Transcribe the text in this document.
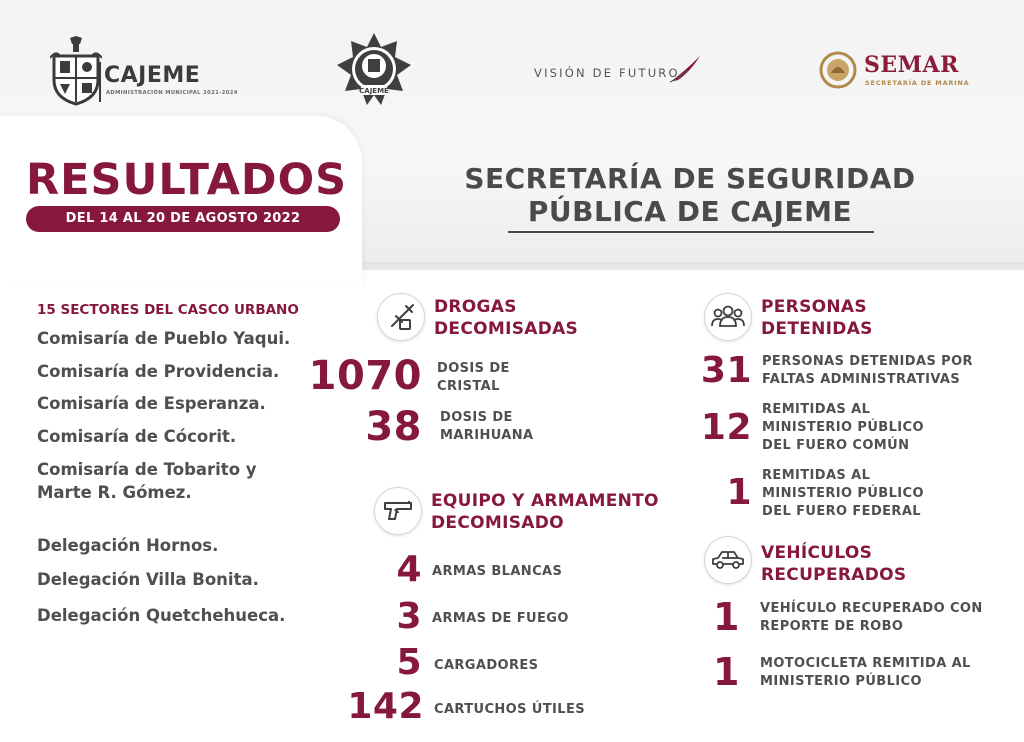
CAJEME
ADMINISTRACIÓN MUNICIPAL 2021-2024	CAJEME
VISIÓN DE FUTURO	SEMAR
SECRETARÍA DE MARINA
RESULTADOS
DEL 14 AL 20 DE AGOSTO 2022
SECRETARÍA DE SEGURIDAD
PÚBLICA DE CAJEME
15 SECTORES DEL CASCO URBANO
Comisaría de Pueblo Yaqui.
Comisaría de Providencia.
Comisaría de Esperanza.
Comisaría de Cócorit.
Comisaría de Tobarito y
Marte R. Gómez.
Delegación Hornos.
Delegación Villa Bonita.
Delegación Quetchehueca.
DROGAS
DECOMISADAS
1070 DOSIS DE
CRISTAL
38 DOSIS DE
MARIHUANA
EQUIPO Y ARMAMENTO
DECOMISADO
4 ARMAS BLANCAS
3 ARMAS DE FUEGO
5 CARGADORES
142 CARTUCHOS ÚTILES
PERSONAS
DETENIDAS
31 PERSONAS DETENIDAS POR
FALTAS ADMINISTRATIVAS
12 REMITIDAS AL
MINISTERIO PÚBLICO
DEL FUERO COMÚN
1 REMITIDAS AL
MINISTERIO PÚBLICO
DEL FUERO FEDERAL
VEHÍCULOS
RECUPERADOS
1 VEHÍCULO RECUPERADO CON
REPORTE DE ROBO
1 MOTOCICLETA REMITIDA AL
MINISTERIO PÚBLICO
